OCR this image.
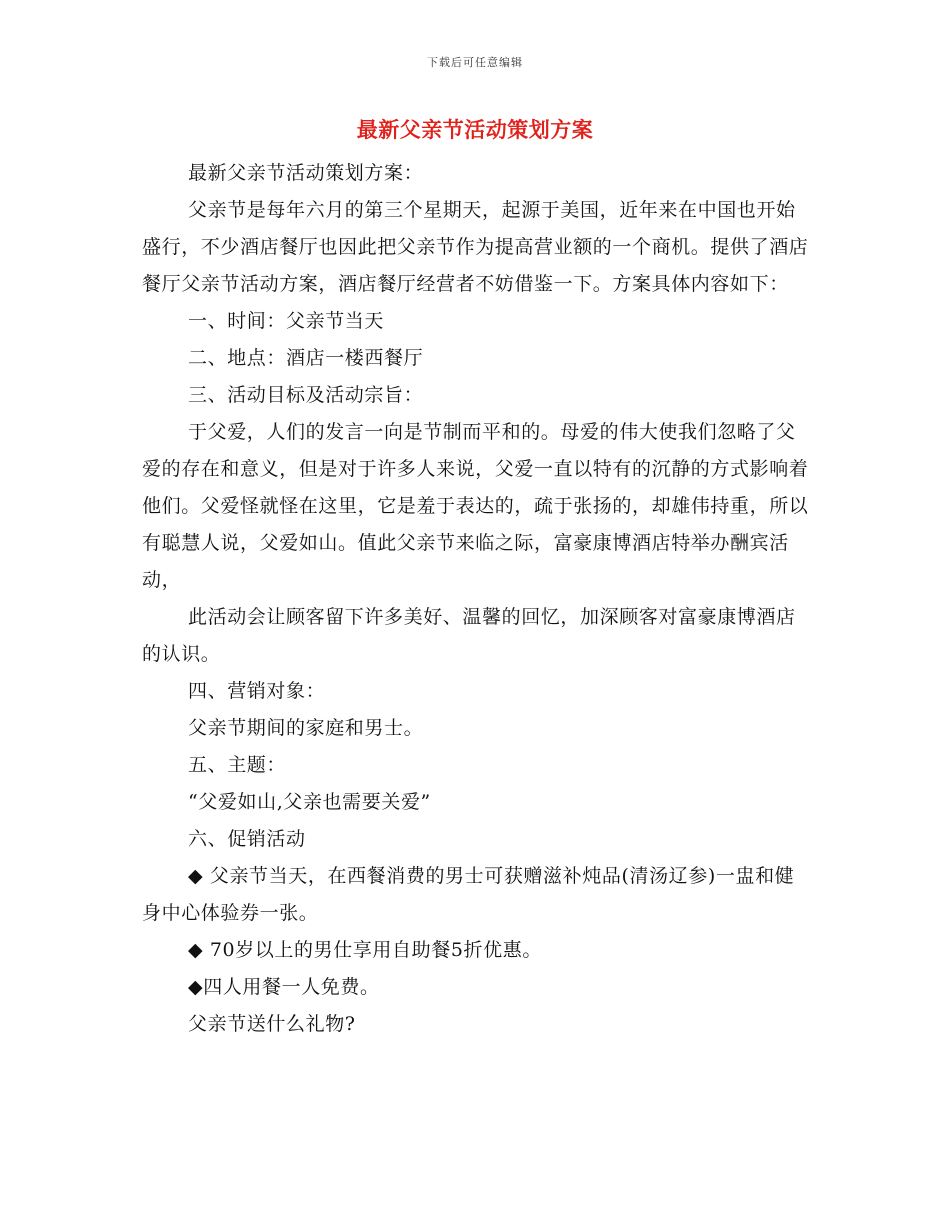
下载后可任意编辑
最新父亲节活动策划方案

最新父亲节活动策划方案：

父亲节是每年六月的第三个星期天，起源于美国，近年来在中国也开始盛行，不少酒店餐厅也因此把父亲节作为提高营业额的一个商机。提供了酒店餐厅父亲节活动方案，酒店餐厅经营者不妨借鉴一下。方案具体内容如下：

一、时间：父亲节当天

二、地点：酒店一楼西餐厅

三、活动目标及活动宗旨：

于父爱，人们的发言一向是节制而平和的。母爱的伟大使我们忽略了父爱的存在和意义，但是对于许多人来说，父爱一直以特有的沉静的方式影响着他们。父爱怪就怪在这里，它是羞于表达的，疏于张扬的，却雄伟持重，所以有聪慧人说，父爱如山。值此父亲节来临之际，富豪康博酒店特举办酬宾活动，

此活动会让顾客留下许多美好、温馨的回忆，加深顾客对富豪康博酒店的认识。

四、营销对象：

父亲节期间的家庭和男士。

五、主题：

“父爱如山,父亲也需要关爱”

六、促销活动

◆ 父亲节当天，在西餐消费的男士可获赠滋补炖品(清汤辽参)一盅和健身中心体验券一张。

◆ 70岁以上的男仕享用自助餐5折优惠。

◆四人用餐一人免费。

父亲节送什么礼物?
